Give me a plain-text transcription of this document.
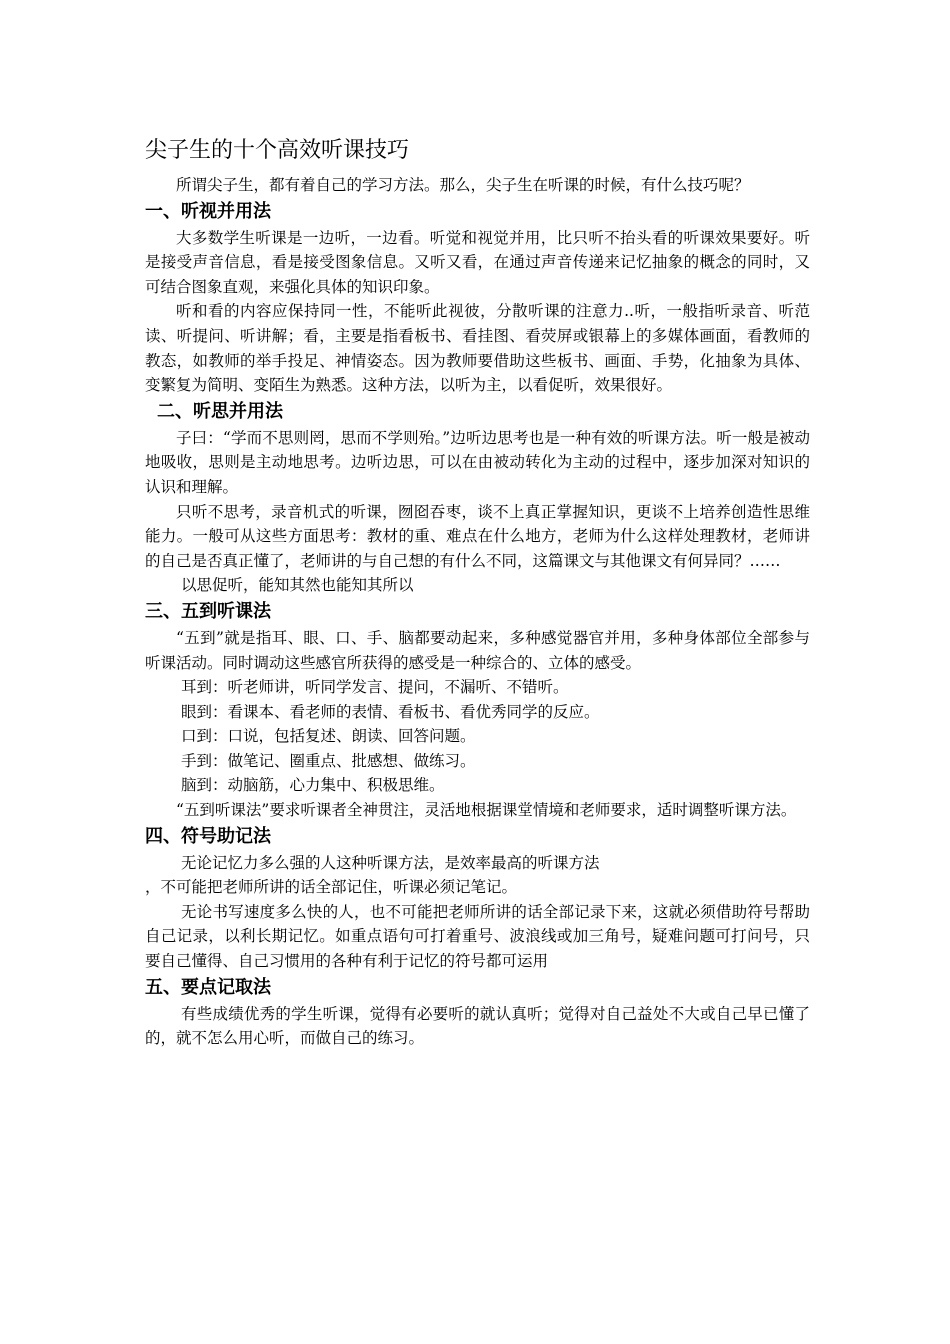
尖子生的十个高效听课技巧

所谓尖子生，都有着自己的学习方法。那么，尖子生在听课的时候，有什么技巧呢？

一、听视并用法

大多数学生听课是一边听，一边看。听觉和视觉并用，比只听不抬头看的听课效果要好。听是接受声音信息，看是接受图象信息。又听又看，在通过声音传递来记忆抽象的概念的同时，又可结合图象直观，来强化具体的知识印象。

听和看的内容应保持同一性，不能听此视彼，分散听课的注意力..听，一般指听录音、听范读、听提问、听讲解；看，主要是指看板书、看挂图、看荧屏或银幕上的多媒体画面，看教师的教态，如教师的举手投足、神情姿态。因为教师要借助这些板书、画面、手势，化抽象为具体、变繁复为简明、变陌生为熟悉。这种方法，以听为主，以看促听，效果很好。

二、听思并用法

子曰：“学而不思则罔，思而不学则殆。”边听边思考也是一种有效的听课方法。听一般是被动地吸收，思则是主动地思考。边听边思，可以在由被动转化为主动的过程中，逐步加深对知识的认识和理解。

只听不思考，录音机式的听课，囫囵吞枣，谈不上真正掌握知识，更谈不上培养创造性思维能力。一般可从这些方面思考：教材的重、难点在什么地方，老师为什么这样处理教材，老师讲的自己是否真正懂了，老师讲的与自己想的有什么不同，这篇课文与其他课文有何异同？……

以思促听，能知其然也能知其所以

三、五到听课法

“五到”就是指耳、眼、口、手、脑都要动起来，多种感觉器官并用，多种身体部位全部参与听课活动。同时调动这些感官所获得的感受是一种综合的、立体的感受。

耳到：听老师讲，听同学发言、提问，不漏听、不错听。

眼到：看课本、看老师的表情、看板书、看优秀同学的反应。

口到：口说，包括复述、朗读、回答问题。

手到：做笔记、圈重点、批感想、做练习。

脑到：动脑筋，心力集中、积极思维。

“五到听课法”要求听课者全神贯注，灵活地根据课堂情境和老师要求，适时调整听课方法。

四、符号助记法

无论记忆力多么强的人这种听课方法，是效率最高的听课方法

，不可能把老师所讲的话全部记住，听课必须记笔记。

无论书写速度多么快的人，也不可能把老师所讲的话全部记录下来，这就必须借助符号帮助自己记录，以利长期记忆。如重点语句可打着重号、波浪线或加三角号，疑难问题可打问号，只要自己懂得、自己习惯用的各种有利于记忆的符号都可运用

五、要点记取法

有些成绩优秀的学生听课，觉得有必要听的就认真听；觉得对自己益处不大或自己早已懂了的，就不怎么用心听，而做自己的练习。
